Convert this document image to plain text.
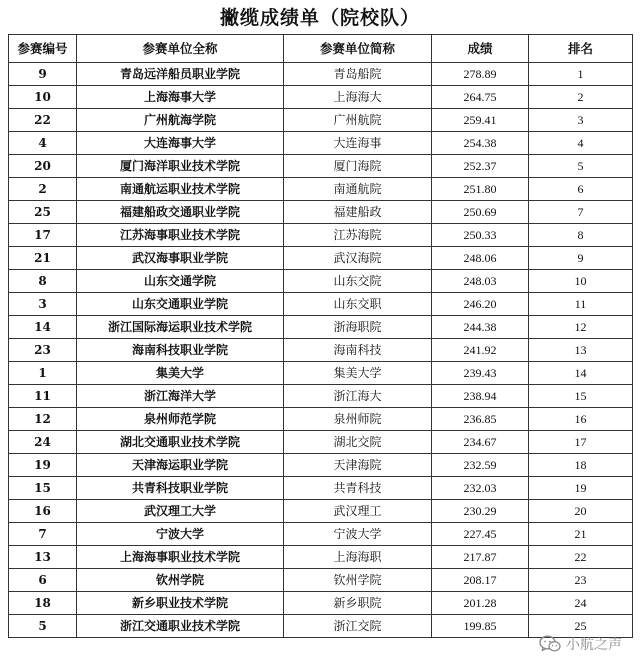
撇缆成绩单（院校队）
参赛编号	参赛单位全称	参赛单位简称	成绩	排名
9	青岛远洋船员职业学院	青岛船院	278.89	1
10	上海海事大学	上海海大	264.75	2
22	广州航海学院	广州航院	259.41	3
4	大连海事大学	大连海事	254.38	4
20	厦门海洋职业技术学院	厦门海院	252.37	5
2	南通航运职业技术学院	南通航院	251.80	6
25	福建船政交通职业学院	福建船政	250.69	7
17	江苏海事职业技术学院	江苏海院	250.33	8
21	武汉海事职业学院	武汉海院	248.06	9
8	山东交通学院	山东交院	248.03	10
3	山东交通职业学院	山东交职	246.20	11
14	浙江国际海运职业技术学院	浙海职院	244.38	12
23	海南科技职业学院	海南科技	241.92	13
1	集美大学	集美大学	239.43	14
11	浙江海洋大学	浙江海大	238.94	15
12	泉州师范学院	泉州师院	236.85	16
24	湖北交通职业技术学院	湖北交院	234.67	17
19	天津海运职业学院	天津海院	232.59	18
15	共青科技职业学院	共青科技	232.03	19
16	武汉理工大学	武汉理工	230.29	20
7	宁波大学	宁波大学	227.45	21
13	上海海事职业技术学院	上海海职	217.87	22
6	钦州学院	钦州学院	208.17	23
18	新乡职业技术学院	新乡职院	201.28	24
5	浙江交通职业技术学院	浙江交院	199.85	25
小航之声
